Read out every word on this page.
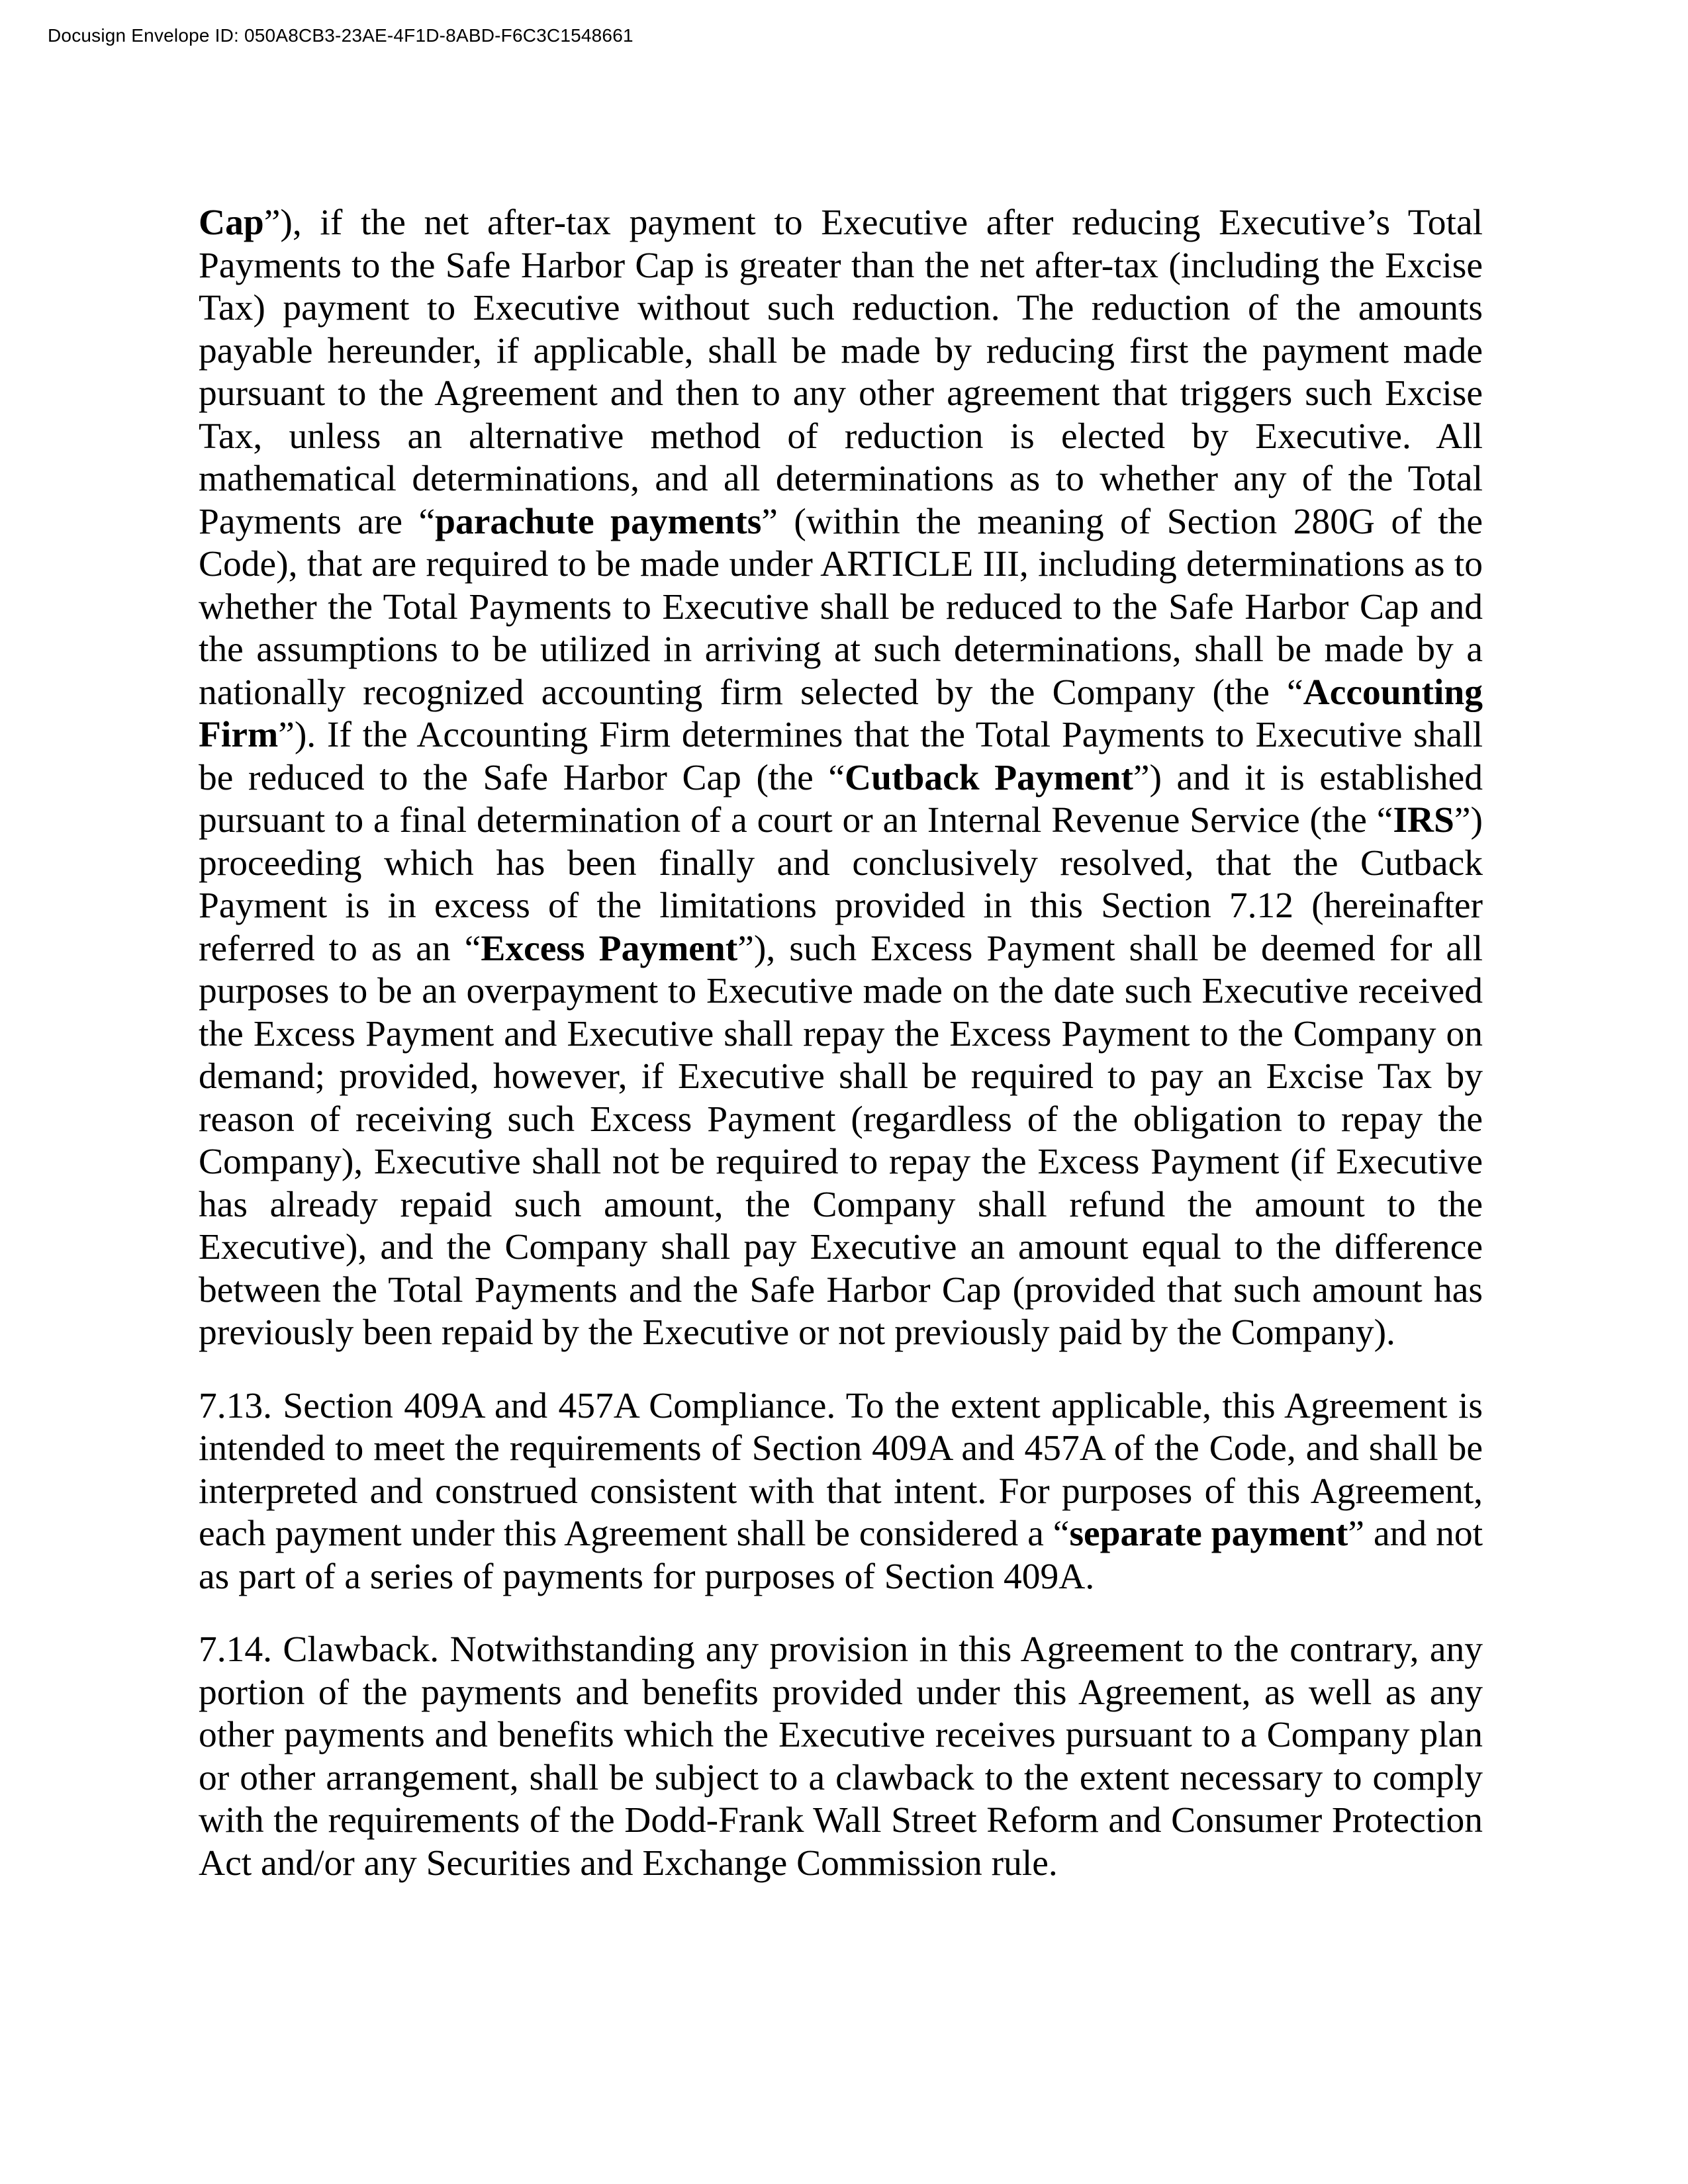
Docusign Envelope ID: 050A8CB3-23AE-4F1D-8ABD-F6C3C1548661

Cap”), if the net after-tax payment to Executive after reducing Executive’s Total Payments to the Safe Harbor Cap is greater than the net after-tax (including the Excise Tax) payment to Executive without such reduction. The reduction of the amounts payable hereunder, if applicable, shall be made by reducing first the payment made pursuant to the Agreement and then to any other agreement that triggers such Excise Tax, unless an alternative method of reduction is elected by Executive. All mathematical determinations, and all determinations as to whether any of the Total Payments are “parachute payments” (within the meaning of Section 280G of the Code), that are required to be made under ARTICLE III, including determinations as to whether the Total Payments to Executive shall be reduced to the Safe Harbor Cap and the assumptions to be utilized in arriving at such determinations, shall be made by a nationally recognized accounting firm selected by the Company (the “Accounting Firm”). If the Accounting Firm determines that the Total Payments to Executive shall be reduced to the Safe Harbor Cap (the “Cutback Payment”) and it is established pursuant to a final determination of a court or an Internal Revenue Service (the “IRS”) proceeding which has been finally and conclusively resolved, that the Cutback Payment is in excess of the limitations provided in this Section 7.12 (hereinafter referred to as an “Excess Payment”), such Excess Payment shall be deemed for all purposes to be an overpayment to Executive made on the date such Executive received the Excess Payment and Executive shall repay the Excess Payment to the Company on demand; provided, however, if Executive shall be required to pay an Excise Tax by reason of receiving such Excess Payment (regardless of the obligation to repay the Company), Executive shall not be required to repay the Excess Payment (if Executive has already repaid such amount, the Company shall refund the amount to the Executive), and the Company shall pay Executive an amount equal to the difference between the Total Payments and the Safe Harbor Cap (provided that such amount has previously been repaid by the Executive or not previously paid by the Company).

7.13. Section 409A and 457A Compliance. To the extent applicable, this Agreement is intended to meet the requirements of Section 409A and 457A of the Code, and shall be interpreted and construed consistent with that intent. For purposes of this Agreement, each payment under this Agreement shall be considered a “separate payment” and not as part of a series of payments for purposes of Section 409A.

7.14. Clawback. Notwithstanding any provision in this Agreement to the contrary, any portion of the payments and benefits provided under this Agreement, as well as any other payments and benefits which the Executive receives pursuant to a Company plan or other arrangement, shall be subject to a clawback to the extent necessary to comply with the requirements of the Dodd-Frank Wall Street Reform and Consumer Protection Act and/or any Securities and Exchange Commission rule.
